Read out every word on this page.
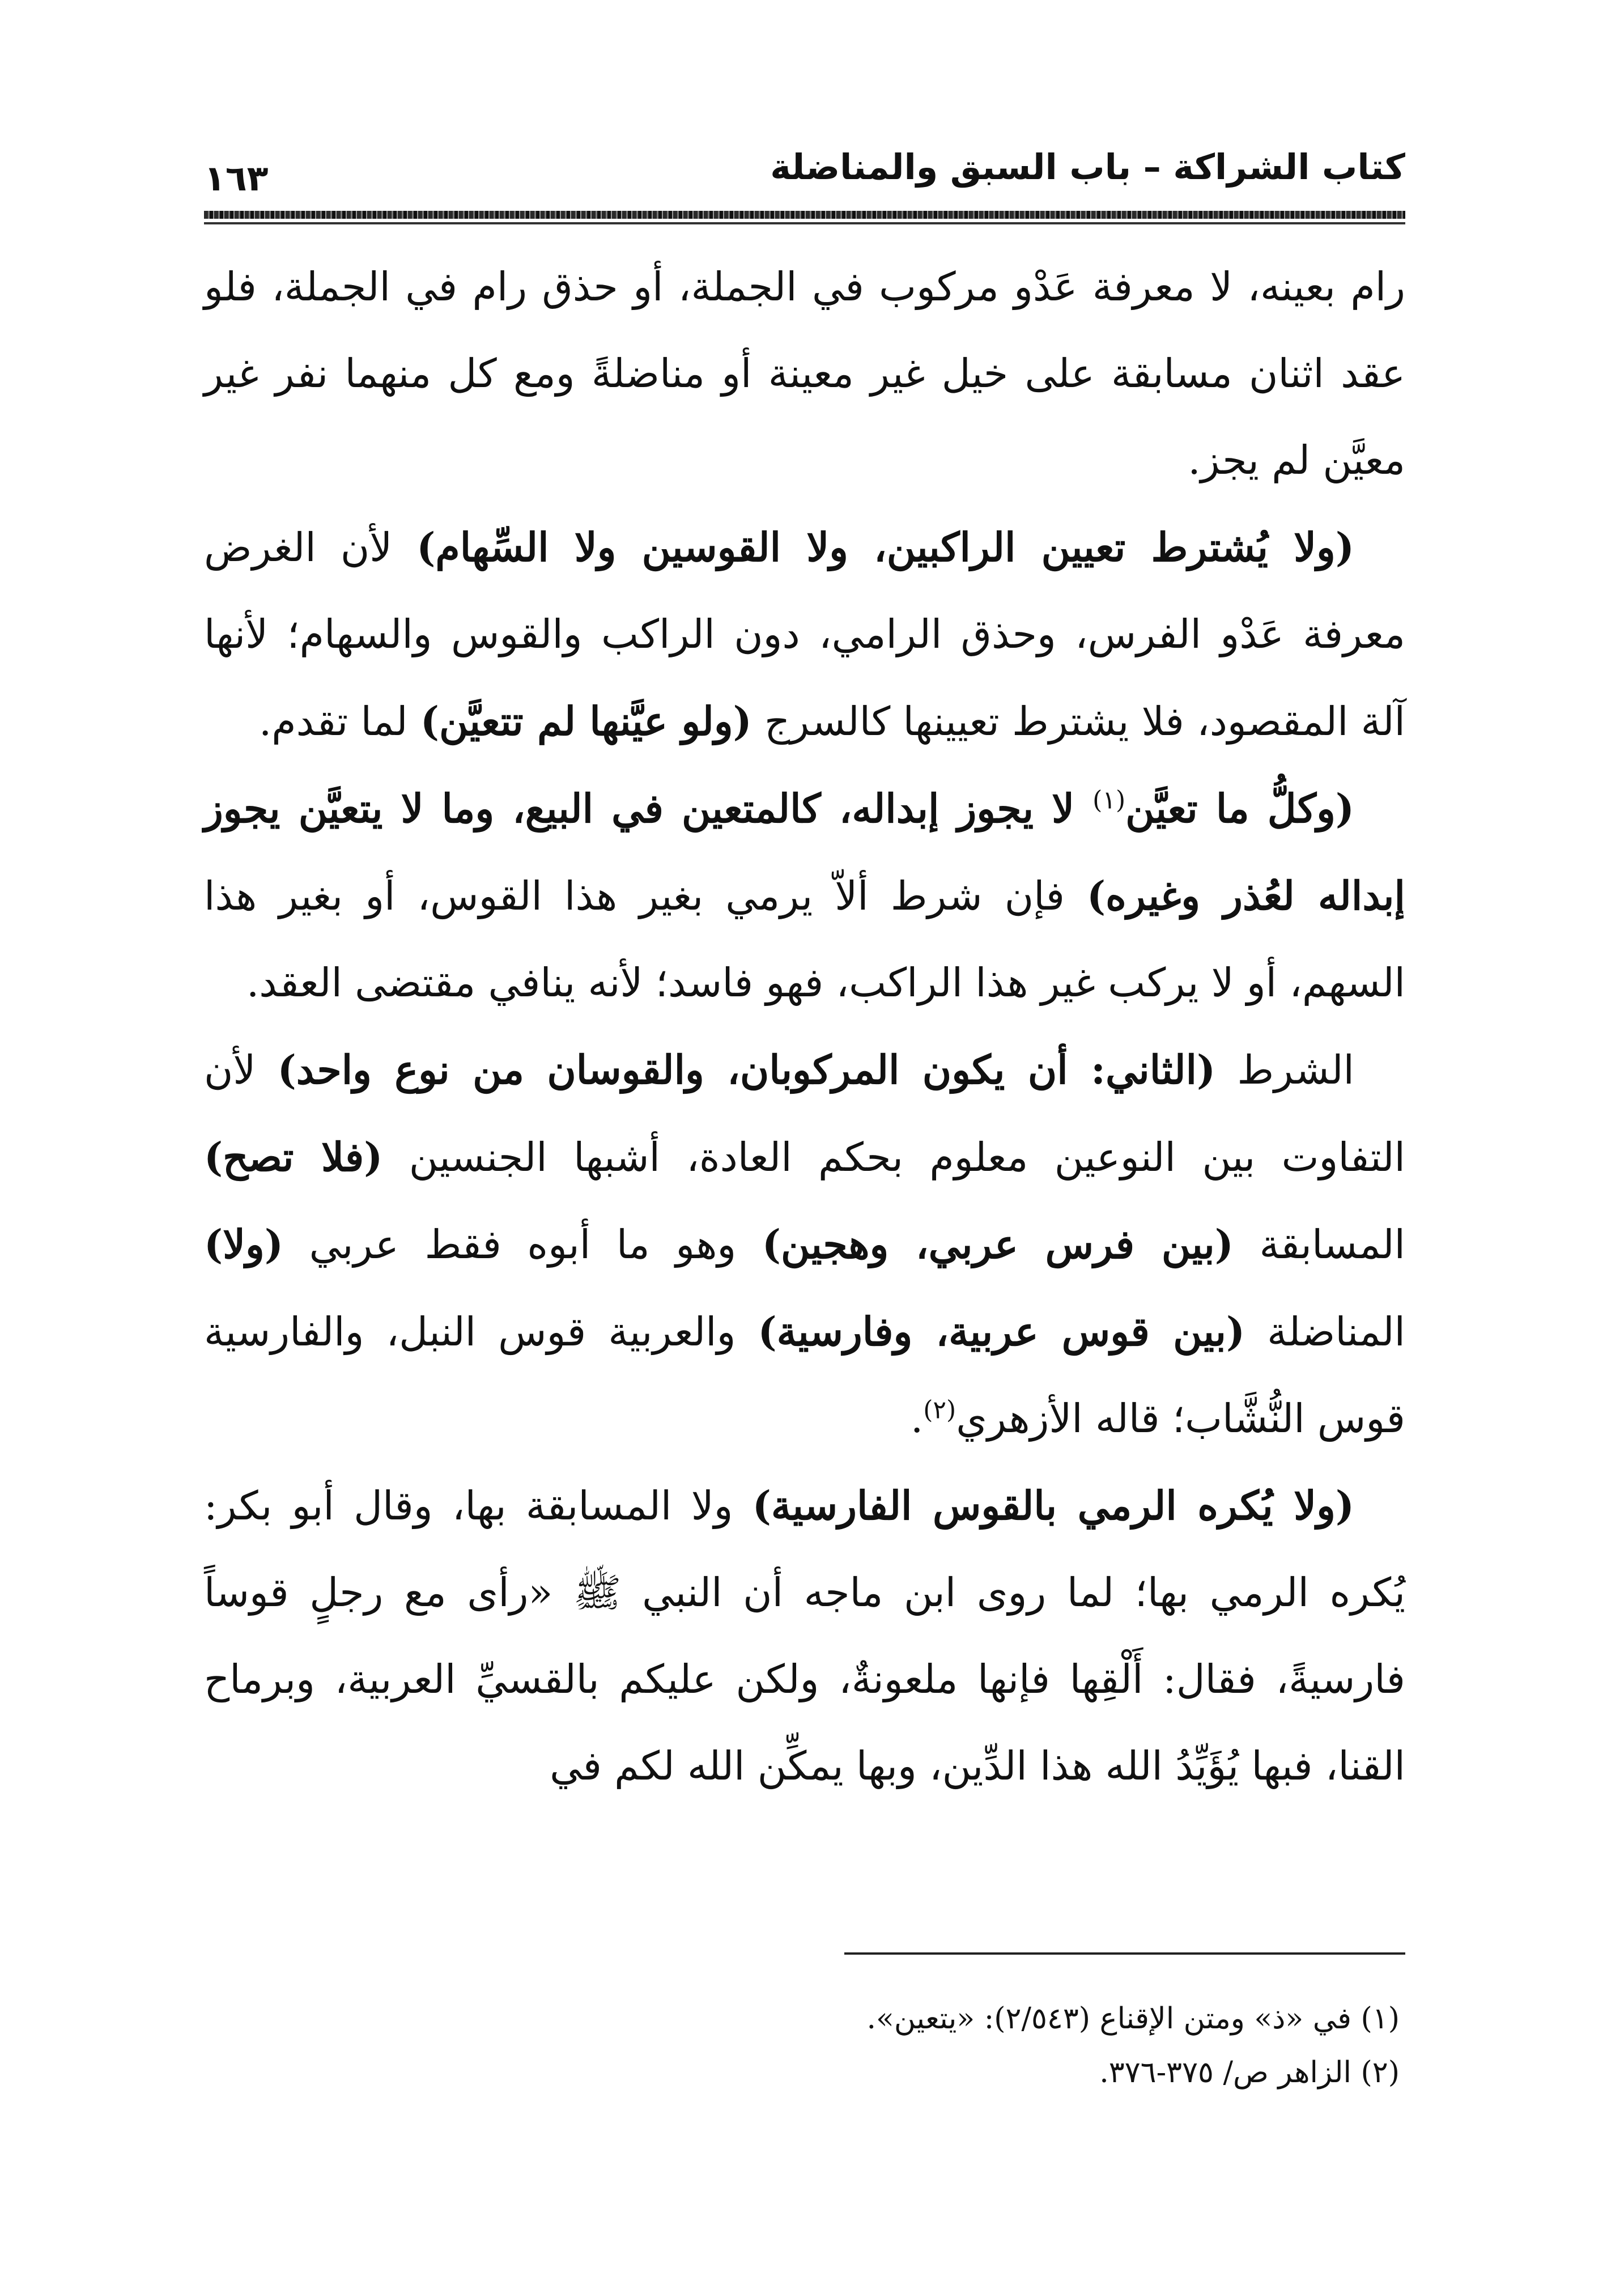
كتاب الشراكة – باب السبق والمناضلة
١٦٣

رام بعينه، لا معرفة عَدْو مركوب في الجملة، أو حذق رام في الجملة، فلو عقد اثنان مسابقة على خيل غير معينة أو مناضلةً ومع كل منهما نفر غير معيَّن لم يجز.

(ولا يُشترط تعيين الراكبين، ولا القوسين ولا السِّهام) لأن الغرض معرفة عَدْو الفرس، وحذق الرامي، دون الراكب والقوس والسهام؛ لأنها آلة المقصود، فلا يشترط تعيينها كالسرج (ولو عيَّنها لم تتعيَّن) لما تقدم.

(وكلُّ ما تعيَّن$^{(١)}$ لا يجوز إبداله، كالمتعين في البيع، وما لا يتعيَّن يجوز إبداله لعُذر وغيره) فإن شرط ألاّ يرمي بغير هذا القوس، أو بغير هذا السهم، أو لا يركب غير هذا الراكب، فهو فاسد؛ لأنه ينافي مقتضى العقد.

الشرط (الثاني: أن يكون المركوبان، والقوسان من نوع واحد) لأن التفاوت بين النوعين معلوم بحكم العادة، أشبها الجنسين (فلا تصح) المسابقة (بين فرس عربي، وهجين) وهو ما أبوه فقط عربي (ولا) المناضلة (بين قوس عربية، وفارسية) والعربية قوس النبل، والفارسية قوس النُّشَّاب؛ قاله الأزهري$^{(٢)}$.

(ولا يُكره الرمي بالقوس الفارسية) ولا المسابقة بها، وقال أبو بكر: يُكره الرمي بها؛ لما روى ابن ماجه أن النبي ﷺ «رأى مع رجلٍ قوساً فارسيةً، فقال: أَلْقِها فإنها ملعونةٌ، ولكن عليكم بالقسيِّ العربية، وبرماح القنا، فبها يُؤَيِّدُ الله هذا الدِّين، وبها يمكِّن الله لكم في

(١) في «ذ» ومتن الإقناع (٢/٥٤٣): «يتعين».

(٢) الزاهر ص/ ٣٧٥-٣٧٦.
